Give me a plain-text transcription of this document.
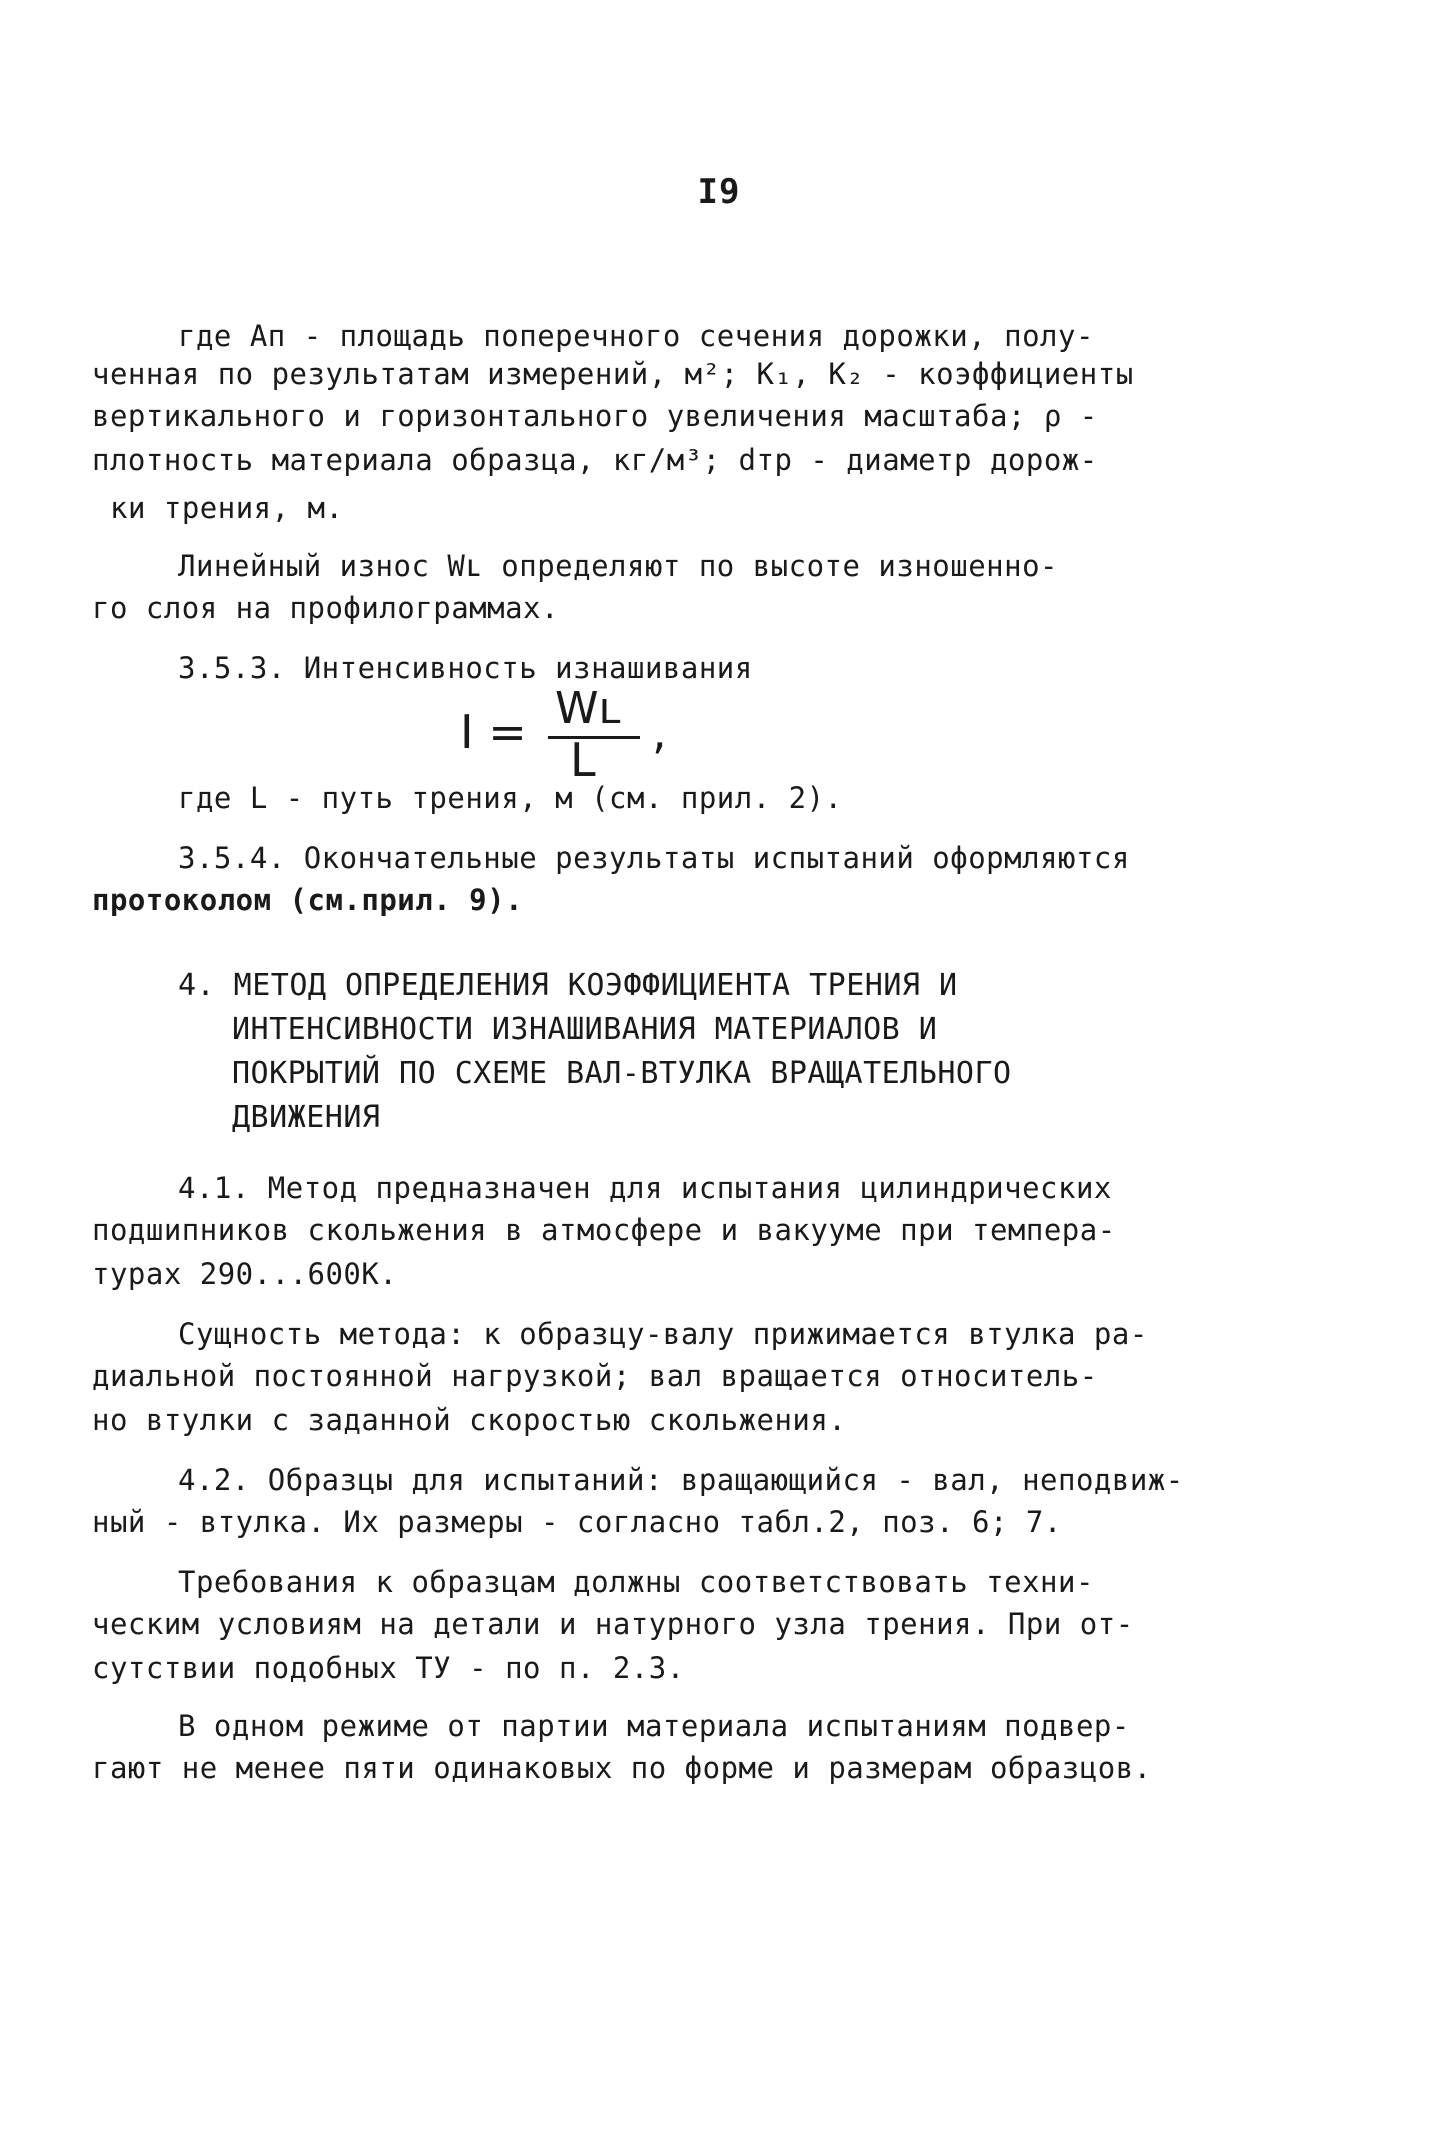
I9
где Aп - площадь поперечного сечения дорожки, полу-
ченная по результатам измерений, м²; K₁, K₂ - коэффициенты
вертикального и горизонтального увеличения масштаба; ρ -
плотность материала образца, кг/м³; dтр - диаметр дорож-
ки трения, м.
Линейный износ Wʟ определяют по высоте изношенно-
го слоя на профилограммах.
3.5.3. Интенсивность изнашивания
I = Wʟ
L
,
где L - путь трения, м (см. прил. 2).
3.5.4. Окончательные результаты испытаний оформляются
протоколом (см.прил. 9).
4. МЕТОД ОПРЕДЕЛЕНИЯ КОЭФФИЦИЕНТА ТРЕНИЯ И
ИНТЕНСИВНОСТИ ИЗНАШИВАНИЯ МАТЕРИАЛОВ И
ПОКРЫТИЙ ПО СХЕМЕ ВАЛ-ВТУЛКА ВРАЩАТЕЛЬНОГО
ДВИЖЕНИЯ
4.1. Метод предназначен для испытания цилиндрических
подшипников скольжения в атмосфере и вакууме при темпера-
турах 290...600К.
Сущность метода: к образцу-валу прижимается втулка ра-
диальной постоянной нагрузкой; вал вращается относитель-
но втулки с заданной скоростью скольжения.
4.2. Образцы для испытаний: вращающийся - вал, неподвиж-
ный - втулка. Их размеры - согласно табл.2, поз. 6; 7.
Требования к образцам должны соответствовать техни-
ческим условиям на детали и натурного узла трения. При от-
сутствии подобных ТУ - по п. 2.3.
В одном режиме от партии материала испытаниям подвер-
гают не менее пяти одинаковых по форме и размерам образцов.
